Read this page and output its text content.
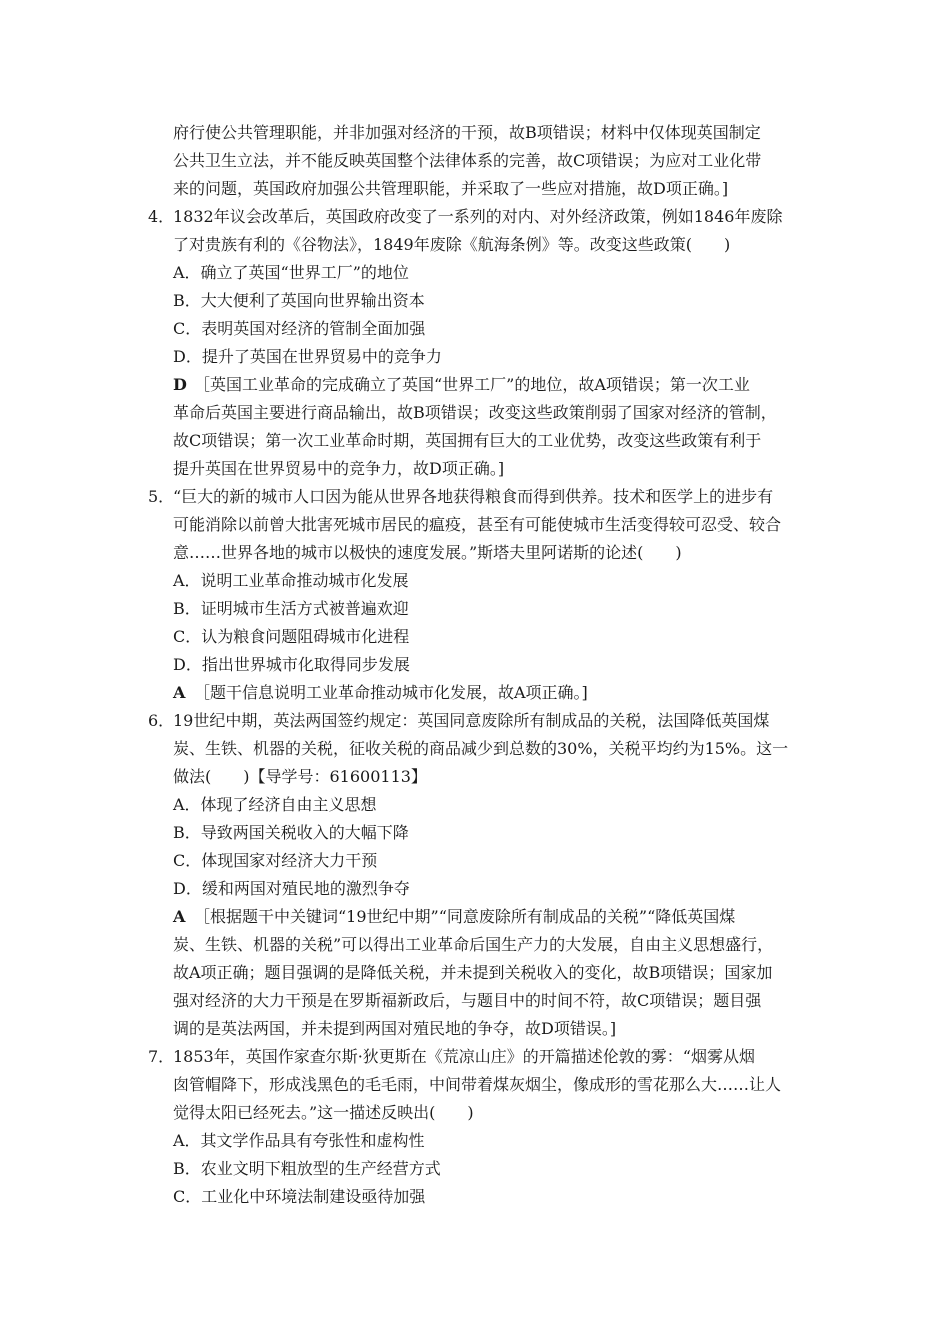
府行使公共管理职能，并非加强对经济的干预，故B项错误；材料中仅体现英国制定
公共卫生立法，并不能反映英国整个法律体系的完善，故C项错误；为应对工业化带
来的问题，英国政府加强公共管理职能，并采取了一些应对措施，故D项正确。]
4．
1832年议会改革后，英国政府改变了一系列的对内、对外经济政策，例如1846年废除
了对贵族有利的《谷物法》，1849年废除《航海条例》等。改变这些政策(　　)
A．确立了英国“世界工厂”的地位
B．大大便利了英国向世界输出资本
C．表明英国对经济的管制全面加强
D．提升了英国在世界贸易中的竞争力
D ［英国工业革命的完成确立了英国“世界工厂”的地位，故A项错误；第一次工业
革命后英国主要进行商品输出，故B项错误；改变这些政策削弱了国家对经济的管制，
故C项错误；第一次工业革命时期，英国拥有巨大的工业优势，改变这些政策有利于
提升英国在世界贸易中的竞争力，故D项正确。]
5．
“巨大的新的城市人口因为能从世界各地获得粮食而得到供养。技术和医学上的进步有
可能消除以前曾大批害死城市居民的瘟疫，甚至有可能使城市生活变得较可忍受、较合
意……世界各地的城市以极快的速度发展。”斯塔夫里阿诺斯的论述(　　)
A．说明工业革命推动城市化发展
B．证明城市生活方式被普遍欢迎
C．认为粮食问题阻碍城市化进程
D．指出世界城市化取得同步发展
A ［题干信息说明工业革命推动城市化发展，故A项正确。]
6．
19世纪中期，英法两国签约规定：英国同意废除所有制成品的关税，法国降低英国煤
炭、生铁、机器的关税，征收关税的商品减少到总数的30%，关税平均约为15%。这一
做法(　　)【导学号：61600113】
A．体现了经济自由主义思想
B．导致两国关税收入的大幅下降
C．体现国家对经济大力干预
D．缓和两国对殖民地的激烈争夺
A ［根据题干中关键词“19世纪中期”“同意废除所有制成品的关税”“降低英国煤
炭、生铁、机器的关税”可以得出工业革命后国生产力的大发展，自由主义思想盛行，
故A项正确；题目强调的是降低关税，并未提到关税收入的变化，故B项错误；国家加
强对经济的大力干预是在罗斯福新政后，与题目中的时间不符，故C项错误；题目强
调的是英法两国，并未提到两国对殖民地的争夺，故D项错误。]
7．
1853年，英国作家查尔斯·狄更斯在《荒凉山庄》的开篇描述伦敦的雾：“烟雾从烟
囱管帽降下，形成浅黑色的毛毛雨，中间带着煤灰烟尘，像成形的雪花那么大……让人
觉得太阳已经死去。”这一描述反映出(　　)
A．其文学作品具有夸张性和虚构性
B．农业文明下粗放型的生产经营方式
C．工业化中环境法制建设亟待加强
